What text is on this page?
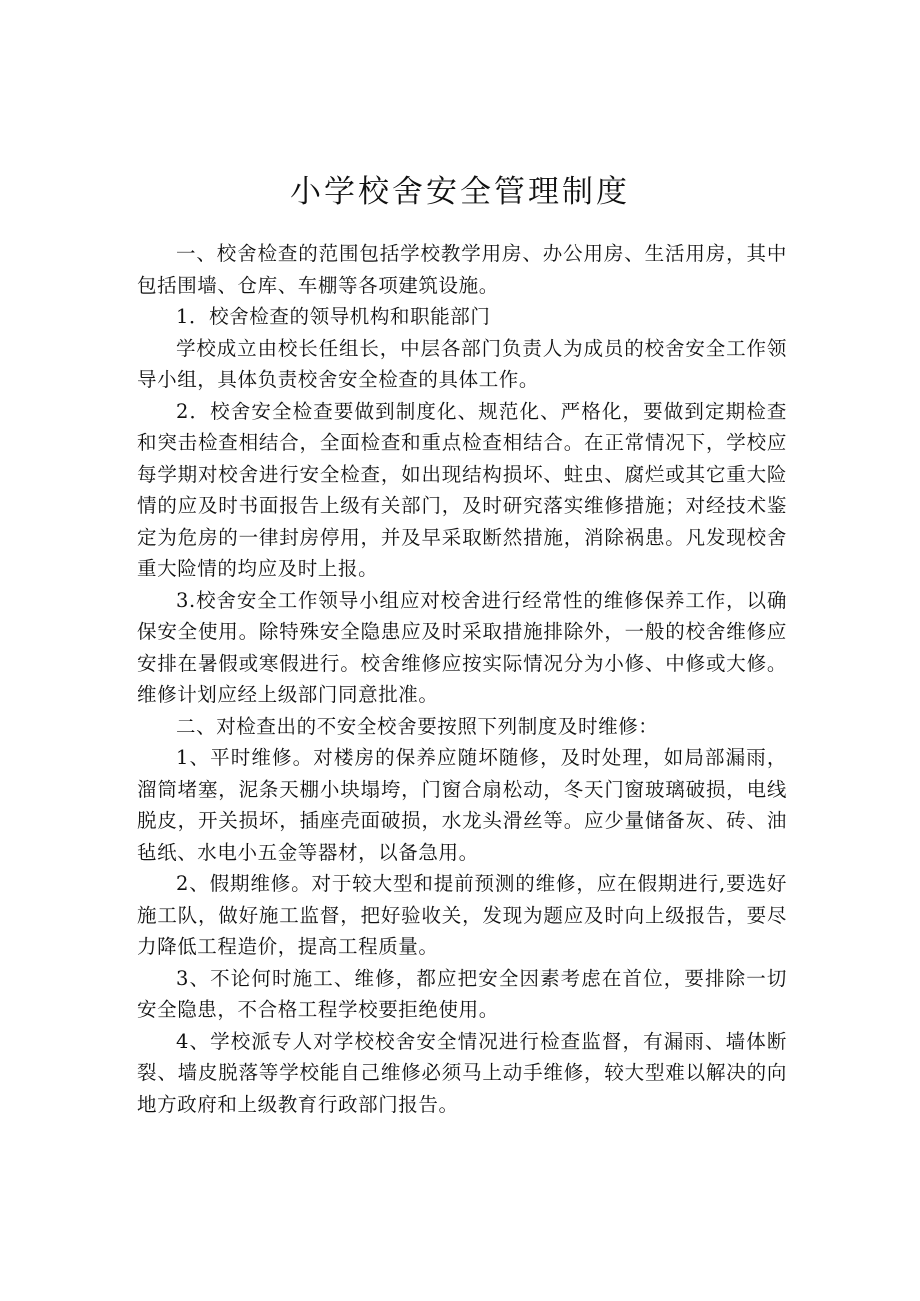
小学校舍安全管理制度

一、校舍检查的范围包括学校教学用房、办公用房、生活用房，其中包括围墙、仓库、车棚等各项建筑设施。

1．校舍检查的领导机构和职能部门

学校成立由校长任组长，中层各部门负责人为成员的校舍安全工作领导小组，具体负责校舍安全检查的具体工作。

2．校舍安全检查要做到制度化、规范化、严格化，要做到定期检查和突击检查相结合，全面检查和重点检查相结合。在正常情况下，学校应每学期对校舍进行安全检查，如出现结构损坏、蛀虫、腐烂或其它重大险情的应及时书面报告上级有关部门，及时研究落实维修措施；对经技术鉴定为危房的一律封房停用，并及早采取断然措施，消除祸患。凡发现校舍重大险情的均应及时上报。

3.校舍安全工作领导小组应对校舍进行经常性的维修保养工作，以确保安全使用。除特殊安全隐患应及时采取措施排除外，一般的校舍维修应安排在暑假或寒假进行。校舍维修应按实际情况分为小修、中修或大修。维修计划应经上级部门同意批准。

二、对检查出的不安全校舍要按照下列制度及时维修：

1、平时维修。对楼房的保养应随坏随修，及时处理，如局部漏雨，溜筒堵塞，泥条天棚小块塌垮，门窗合扇松动，冬天门窗玻璃破损，电线脱皮，开关损坏，插座壳面破损，水龙头滑丝等。应少量储备灰、砖、油毡纸、水电小五金等器材，以备急用。

2、假期维修。对于较大型和提前预测的维修，应在假期进行,要选好施工队，做好施工监督，把好验收关，发现为题应及时向上级报告，要尽力降低工程造价，提高工程质量。

3、不论何时施工、维修，都应把安全因素考虑在首位，要排除一切安全隐患，不合格工程学校要拒绝使用。

4、学校派专人对学校校舍安全情况进行检查监督，有漏雨、墙体断裂、墙皮脱落等学校能自己维修必须马上动手维修，较大型难以解决的向地方政府和上级教育行政部门报告。
